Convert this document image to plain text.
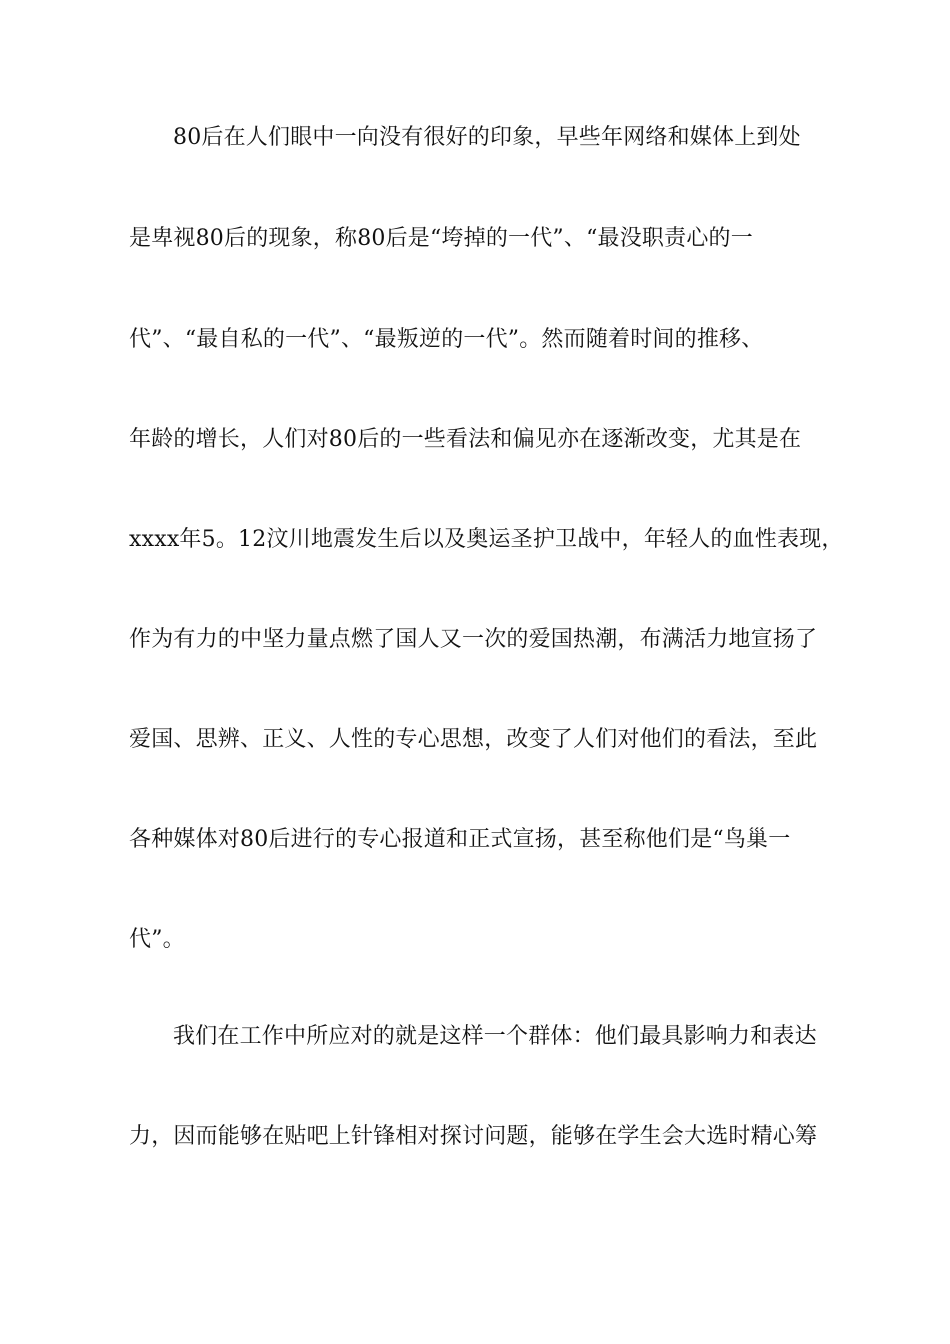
80后在人们眼中一向没有很好的印象，早些年网络和媒体上到处
是卑视80后的现象，称80后是“垮掉的一代”、“最没职责心的一
代”、“最自私的一代”、“最叛逆的一代”。然而随着时间的推移、
年龄的增长，人们对80后的一些看法和偏见亦在逐渐改变，尤其是在
xxxx年5。12汶川地震发生后以及奥运圣护卫战中，年轻人的血性表现，
作为有力的中坚力量点燃了国人又一次的爱国热潮，布满活力地宣扬了
爱国、思辨、正义、人性的专心思想，改变了人们对他们的看法，至此
各种媒体对80后进行的专心报道和正式宣扬，甚至称他们是“鸟巢一
代”。
我们在工作中所应对的就是这样一个群体：他们最具影响力和表达
力，因而能够在贴吧上针锋相对探讨问题，能够在学生会大选时精心筹
